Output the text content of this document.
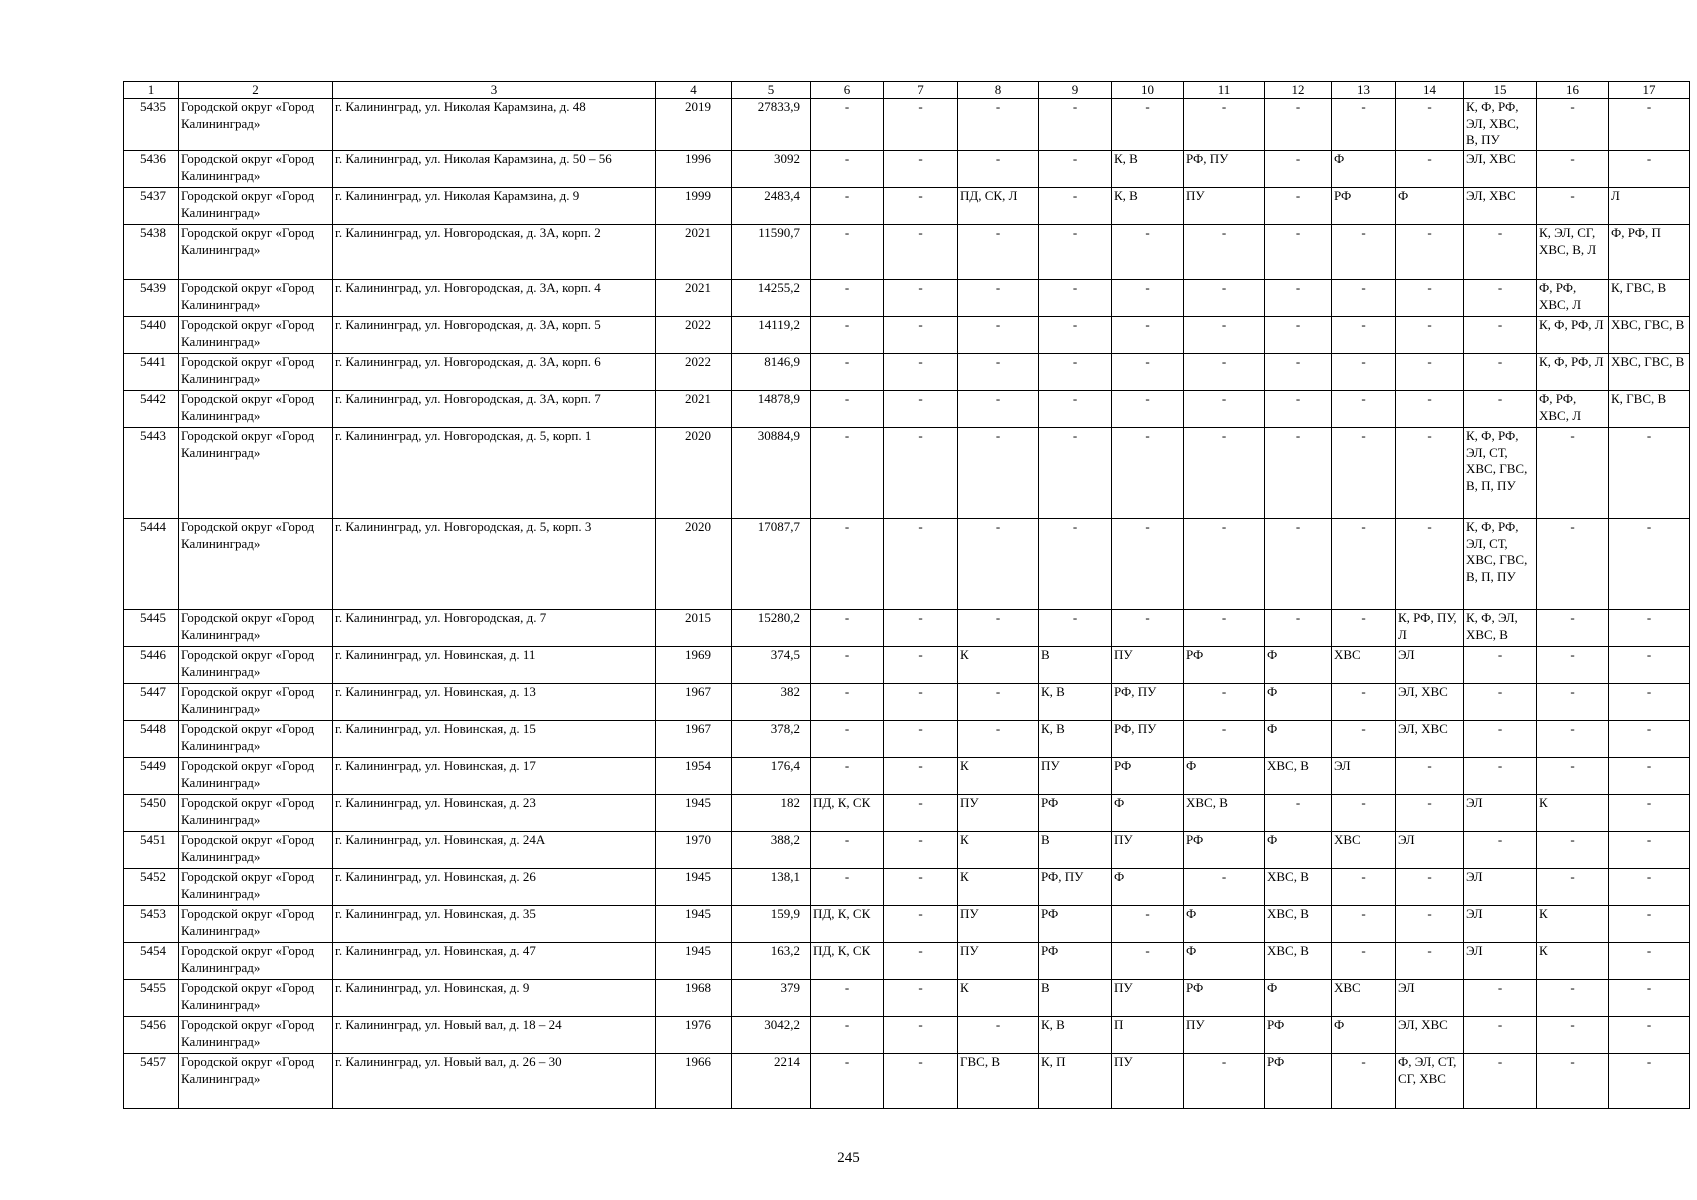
1	2	3	4	5	6	7	8	9	10	11	12	13	14	15	16	17
5435	Городской округ «Город Калининград»	г. Калининград, ул. Николая Карамзина, д. 48	2019	27833,9	-	-	-	-	-	-	-	-	-	К, Ф, РФ, ЭЛ, ХВС, В, ПУ	-	-
5436	Городской округ «Город Калининград»	г. Калининград, ул. Николая Карамзина, д. 50 – 56	1996	3092	-	-	-	-	К, В	РФ, ПУ	-	Ф	-	ЭЛ, ХВС	-	-
5437	Городской округ «Город Калининград»	г. Калининград, ул. Николая Карамзина, д. 9	1999	2483,4	-	-	ПД, СК, Л	-	К, В	ПУ	-	РФ	Ф	ЭЛ, ХВС	-	Л
5438	Городской округ «Город Калининград»	г. Калининград, ул. Новгородская, д. 3А, корп. 2	2021	11590,7	-	-	-	-	-	-	-	-	-	-	К, ЭЛ, СГ, ХВС, В, Л	Ф, РФ, П
5439	Городской округ «Город Калининград»	г. Калининград, ул. Новгородская, д. 3А, корп. 4	2021	14255,2	-	-	-	-	-	-	-	-	-	-	Ф, РФ, ХВС, Л	К, ГВС, В
5440	Городской округ «Город Калининград»	г. Калининград, ул. Новгородская, д. 3А, корп. 5	2022	14119,2	-	-	-	-	-	-	-	-	-	-	К, Ф, РФ, Л	ХВС, ГВС, В
5441	Городской округ «Город Калининград»	г. Калининград, ул. Новгородская, д. 3А, корп. 6	2022	8146,9	-	-	-	-	-	-	-	-	-	-	К, Ф, РФ, Л	ХВС, ГВС, В
5442	Городской округ «Город Калининград»	г. Калининград, ул. Новгородская, д. 3А, корп. 7	2021	14878,9	-	-	-	-	-	-	-	-	-	-	Ф, РФ, ХВС, Л	К, ГВС, В
5443	Городской округ «Город Калининград»	г. Калининград, ул. Новгородская, д. 5, корп. 1	2020	30884,9	-	-	-	-	-	-	-	-	-	К, Ф, РФ, ЭЛ, СТ, ХВС, ГВС, В, П, ПУ	-	-
5444	Городской округ «Город Калининград»	г. Калининград, ул. Новгородская, д. 5, корп. 3	2020	17087,7	-	-	-	-	-	-	-	-	-	К, Ф, РФ, ЭЛ, СТ, ХВС, ГВС, В, П, ПУ	-	-
5445	Городской округ «Город Калининград»	г. Калининград, ул. Новгородская, д. 7	2015	15280,2	-	-	-	-	-	-	-	-	К, РФ, ПУ, Л	К, Ф, ЭЛ, ХВС, В	-	-
5446	Городской округ «Город Калининград»	г. Калининград, ул. Новинская, д. 11	1969	374,5	-	-	К	В	ПУ	РФ	Ф	ХВС	ЭЛ	-	-	-
5447	Городской округ «Город Калининград»	г. Калининград, ул. Новинская, д. 13	1967	382	-	-	-	К, В	РФ, ПУ	-	Ф	-	ЭЛ, ХВС	-	-	-
5448	Городской округ «Город Калининград»	г. Калининград, ул. Новинская, д. 15	1967	378,2	-	-	-	К, В	РФ, ПУ	-	Ф	-	ЭЛ, ХВС	-	-	-
5449	Городской округ «Город Калининград»	г. Калининград, ул. Новинская, д. 17	1954	176,4	-	-	К	ПУ	РФ	Ф	ХВС, В	ЭЛ	-	-	-	-
5450	Городской округ «Город Калининград»	г. Калининград, ул. Новинская, д. 23	1945	182	ПД, К, СК	-	ПУ	РФ	Ф	ХВС, В	-	-	-	ЭЛ	К	-
5451	Городской округ «Город Калининград»	г. Калининград, ул. Новинская, д. 24А	1970	388,2	-	-	К	В	ПУ	РФ	Ф	ХВС	ЭЛ	-	-	-
5452	Городской округ «Город Калининград»	г. Калининград, ул. Новинская, д. 26	1945	138,1	-	-	К	РФ, ПУ	Ф	-	ХВС, В	-	-	ЭЛ	-	-
5453	Городской округ «Город Калининград»	г. Калининград, ул. Новинская, д. 35	1945	159,9	ПД, К, СК	-	ПУ	РФ	-	Ф	ХВС, В	-	-	ЭЛ	К	-
5454	Городской округ «Город Калининград»	г. Калининград, ул. Новинская, д. 47	1945	163,2	ПД, К, СК	-	ПУ	РФ	-	Ф	ХВС, В	-	-	ЭЛ	К	-
5455	Городской округ «Город Калининград»	г. Калининград, ул. Новинская, д. 9	1968	379	-	-	К	В	ПУ	РФ	Ф	ХВС	ЭЛ	-	-	-
5456	Городской округ «Город Калининград»	г. Калининград, ул. Новый вал, д. 18 – 24	1976	3042,2	-	-	-	К, В	П	ПУ	РФ	Ф	ЭЛ, ХВС	-	-	-
5457	Городской округ «Город Калининград»	г. Калининград, ул. Новый вал, д. 26 – 30	1966	2214	-	-	ГВС, В	К, П	ПУ	-	РФ	-	Ф, ЭЛ, СТ, СГ, ХВС	-	-	-
245
